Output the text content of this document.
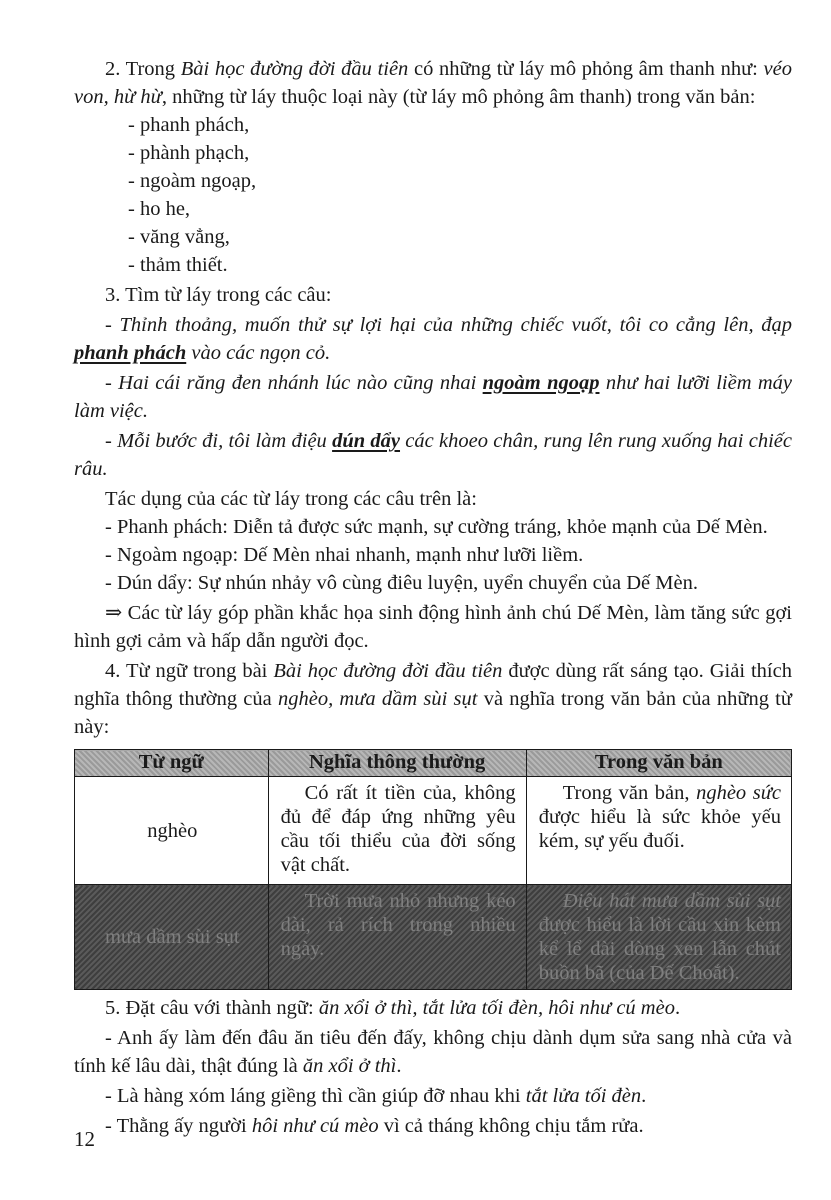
2. Trong Bài học đường đời đầu tiên có những từ láy mô phỏng âm thanh như: véo von, hừ hừ, những từ láy thuộc loại này (từ láy mô phỏng âm thanh) trong văn bản:

- phanh phách,

- phành phạch,

- ngoàm ngoạp,

- ho he,

- văng vẳng,

- thảm thiết.

3. Tìm từ láy trong các câu:

- Thỉnh thoảng, muốn thử sự lợi hại của những chiếc vuốt, tôi co cẳng lên, đạp phanh phách vào các ngọn cỏ.

- Hai cái răng đen nhánh lúc nào cũng nhai ngoàm ngoạp như hai lưỡi liềm máy làm việc.

- Mỗi bước đi, tôi làm điệu dún dẩy các khoeo chân, rung lên rung xuống hai chiếc râu.

Tác dụng của các từ láy trong các câu trên là:

- Phanh phách: Diễn tả được sức mạnh, sự cường tráng, khỏe mạnh của Dế Mèn.

- Ngoàm ngoạp: Dế Mèn nhai nhanh, mạnh như lưỡi liềm.

- Dún dẩy: Sự nhún nhảy vô cùng điêu luyện, uyển chuyển của Dế Mèn.

⇒ Các từ láy góp phần khắc họa sinh động hình ảnh chú Dế Mèn, làm tăng sức gợi hình gợi cảm và hấp dẫn người đọc.

4. Từ ngữ trong bài Bài học đường đời đầu tiên được dùng rất sáng tạo. Giải thích nghĩa thông thường của nghèo, mưa dầm sùi sụt và nghĩa trong văn bản của những từ này:

Từ ngữ	Nghĩa thông thường	Trong văn bản
nghèo	Có rất ít tiền của, không đủ để đáp ứng những yêu cầu tối thiểu của đời sống vật chất.	Trong văn bản, nghèo sức được hiểu là sức khỏe yếu kém, sự yếu đuối.

mưa dầm sùi sụt	Trời mưa nhỏ nhưng kéo dài, rả rích trong nhiều ngày.	Điệu hát mưa dầm sùi sụt được hiểu là lời cầu xin kèm kể lể dài dòng xen lẫn chút buồn bã (của Dế Choắt).

5. Đặt câu với thành ngữ: ăn xổi ở thì, tắt lửa tối đèn, hôi như cú mèo.

- Anh ấy làm đến đâu ăn tiêu đến đấy, không chịu dành dụm sửa sang nhà cửa và tính kế lâu dài, thật đúng là ăn xổi ở thì.

- Là hàng xóm láng giềng thì cần giúp đỡ nhau khi tắt lửa tối đèn.

- Thằng ấy người hôi như cú mèo vì cả tháng không chịu tắm rửa.

12
